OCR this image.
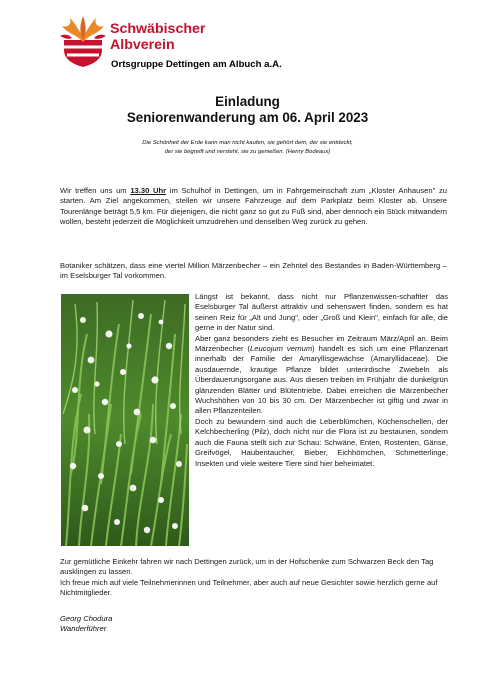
Schwäbischer
Albverein
Ortsgruppe Dettingen am Albuch a.A.
Einladung
Seniorenwanderung am 06. April 2023
Die Schönheit der Erde kann man nicht kaufen, sie gehört dem, der sie entdeckt,
der sie begreift und versteht, sie zu genießen. (Henry Bodeaux)
Wir treffen uns um 13.30 Uhr im Schulhof in Dettingen, um in Fahrgemeinschaft zum „Kloster Anhausen" zu starten. Am Ziel angekommen, stellen wir unsere Fahrzeuge auf dem Parkplatz beim Kloster ab. Unsere Tourenlänge beträgt 5,5 km. Für diejenigen, die nicht ganz so gut zu Fuß sind, aber dennoch ein Stück mitwandern wollen, besteht jederzeit die Möglichkeit umzudrehen und denselben Weg zurück zu gehen.
Botaniker schätzen, dass eine viertel Million Märzenbecher – ein Zehntel des Bestandes in Baden-Württemberg – im Eselsburger Tal vorkommen.

Längst ist bekannt, dass nicht nur Pflanzenwissen-schaftler das Eselsburger Tal äußerst attraktiv und sehenswert finden, sondern es hat seinen Reiz für „Alt und Jung", oder „Groß und Klein", einfach für alle, die gerne in der Natur sind.

Aber ganz besonders zieht es Besucher im Zeitraum März/April an. Beim Märzenbecher (Leucojum vernum) handelt es sich um eine Pflanzenart innerhalb der Familie der Amaryllisgewächse (Amaryllidaceae). Die ausdauernde, krautige Pflanze bildet unterirdische Zwiebeln als Überdauerungsorgane aus. Aus diesen treiben im Frühjahr die dunkelgrün glänzenden Blätter und Blütentriebe. Dabei erreichen die Märzenbecher Wuchshöhen von 10 bis 30 cm. Der Märzenbecher ist giftig und zwar in allen Pflanzenteilen.

Doch zu bewundern sind auch die Leberblümchen, Küchenschellen, der Kelchbecherling (Pilz), doch nicht nur die Flora ist zu bestaunen, sondern auch die Fauna stellt sich zur Schau: Schwäne, Enten, Rostenten, Gänse, Greifvögel, Haubentaucher, Bieber, Eichhörnchen, Schmetterlinge, Insekten und viele weitere Tiere sind hier beheimatet.

Zur gemütliche Einkehr fahren wir nach Dettingen zurück, um in der Hofschenke zum Schwarzen Beck den Tag ausklingen zu lassen.
Ich freue mich auf viele Teilnehmerinnen und Teilnehmer, aber auch auf neue Gesichter sowie herzlich gerne auf Nichtmitglieder.
Georg Chodura
Wanderführer
